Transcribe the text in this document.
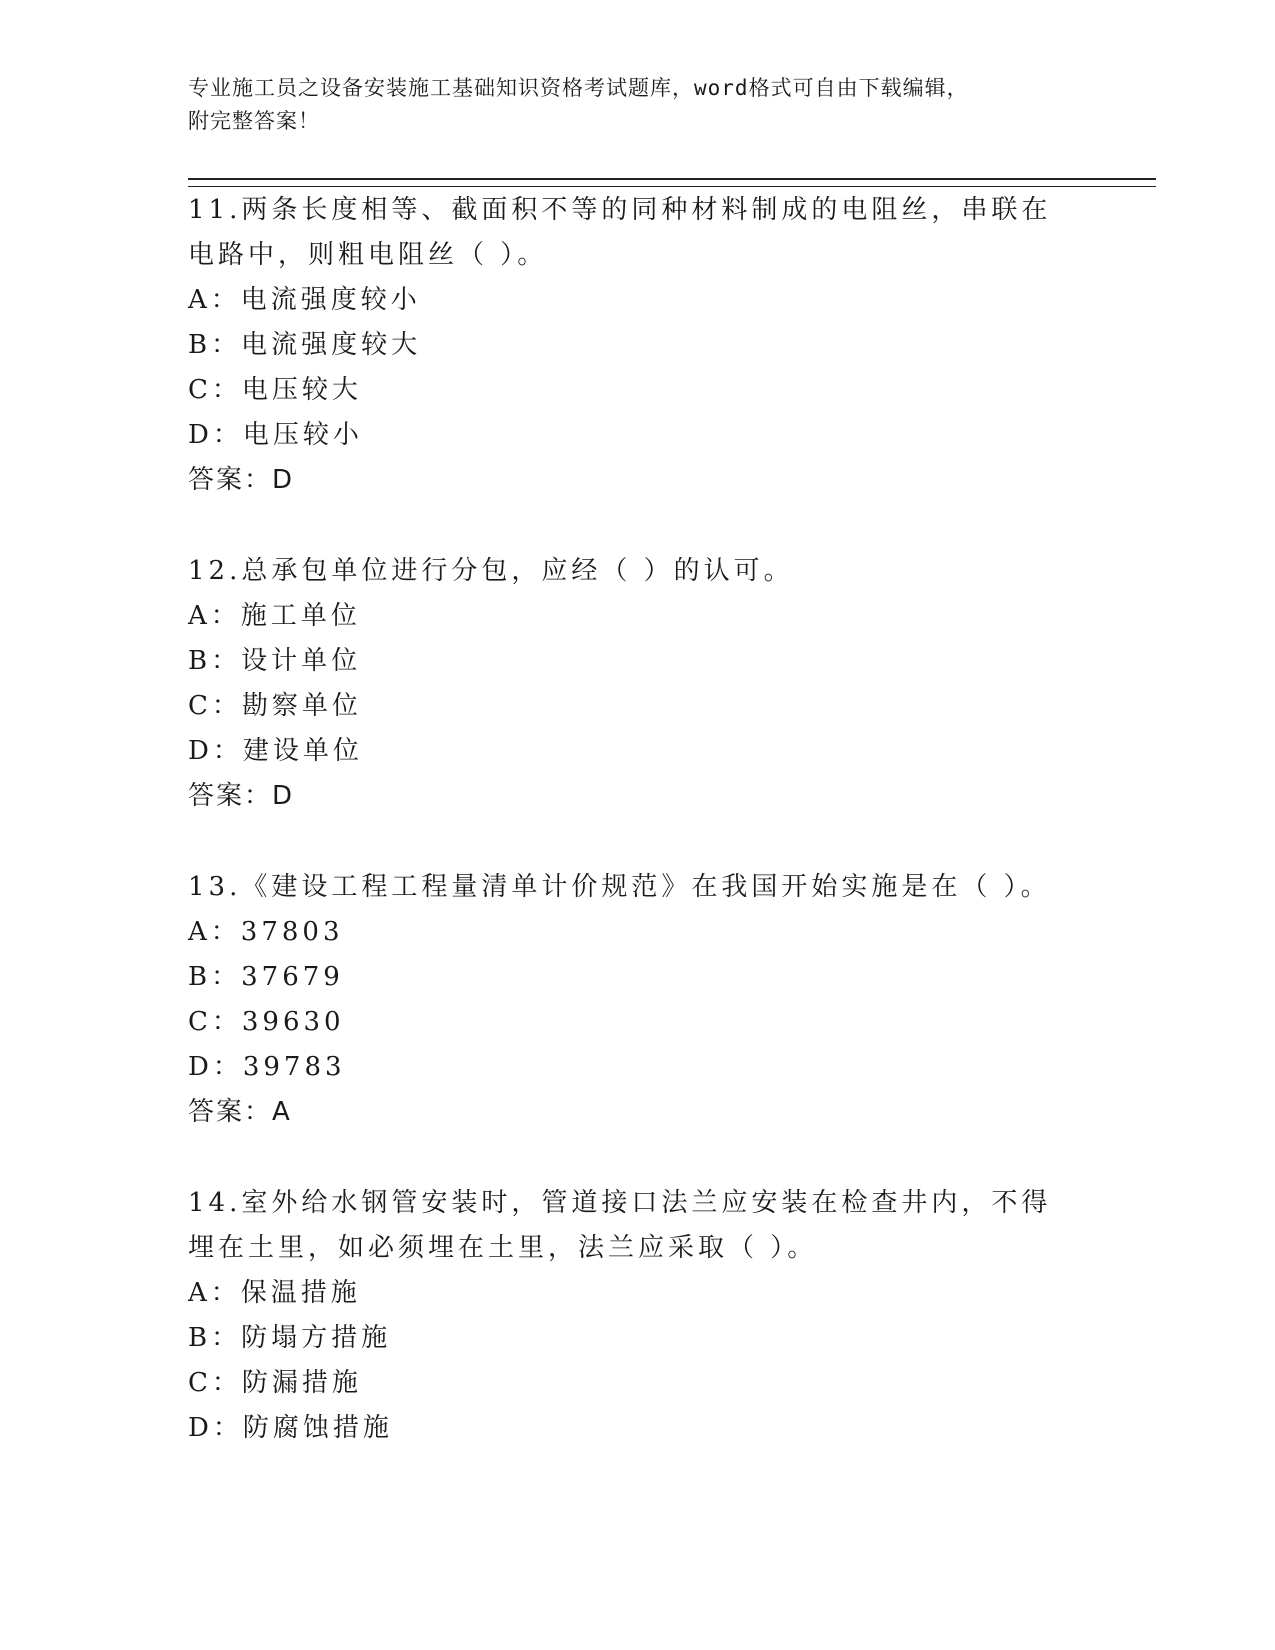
专业施工员之设备安装施工基础知识资格考试题库，word格式可自由下载编辑，
附完整答案！
11.两条长度相等、截面积不等的同种材料制成的电阻丝，串联在电路中，则粗电阻丝（ ）。
A：电流强度较小
B：电流强度较大
C：电压较大
D：电压较小
答案：D
12.总承包单位进行分包，应经（ ）的认可。
A：施工单位
B：设计单位
C：勘察单位
D：建设单位
答案：D
13.《建设工程工程量清单计价规范》在我国开始实施是在（ ）。
A：37803
B：37679
C：39630
D：39783
答案：A
14.室外给水钢管安装时，管道接口法兰应安装在检查井内，不得埋在土里，如必须埋在土里，法兰应采取（ ）。
A：保温措施
B：防塌方措施
C：防漏措施
D：防腐蚀措施
